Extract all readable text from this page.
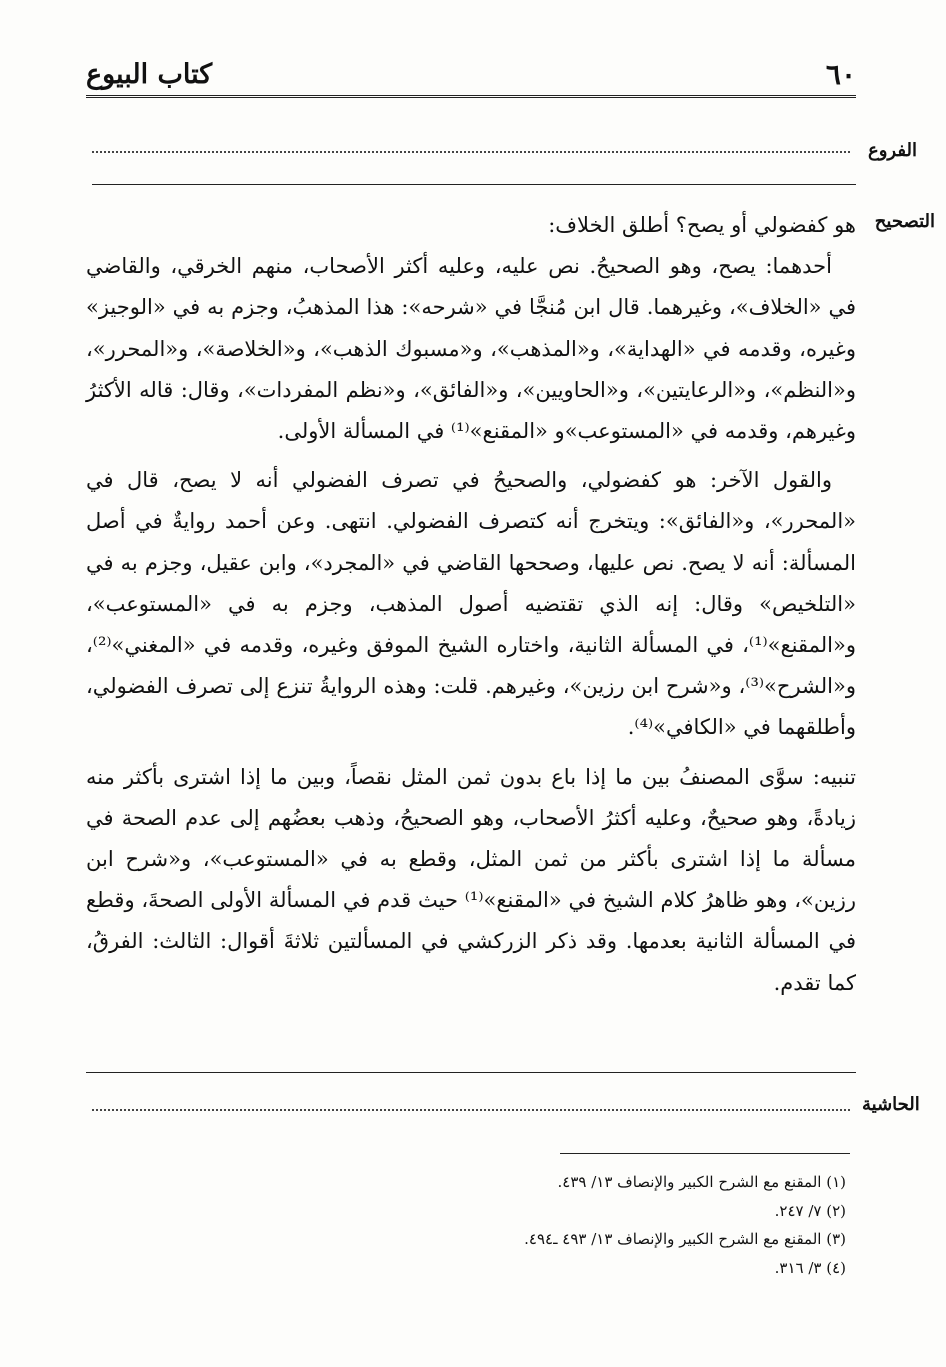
٦٠
كتاب البيوع
الفروع
التصحيح

هو كفضولي أو يصح؟ أطلق الخلاف:

أحدهما: يصح، وهو الصحيحُ. نص عليه، وعليه أكثر الأصحاب، منهم الخرقي، والقاضي في «الخلاف»، وغيرهما. قال ابن مُنجَّا في «شرحه»: هذا المذهبُ، وجزم به في «الوجيز» وغيره، وقدمه في «الهداية»، و«المذهب»، و«مسبوك الذهب»، و«الخلاصة»، و«المحرر»، و«النظم»، و«الرعايتين»، و«الحاويين»، و«الفائق»، و«نظم المفردات»، وقال: قاله الأكثرُ وغيرهم، وقدمه في «المستوعب»و «المقنع»⁽¹⁾ في المسألة الأولى.

والقول الآخر: هو كفضولي، والصحيحُ في تصرف الفضولي أنه لا يصح، قال في «المحرر»، و«الفائق»: ويتخرج أنه كتصرف الفضولي. انتهى. وعن أحمد روايةٌ في أصل المسألة: أنه لا يصح. نص عليها، وصححها القاضي في «المجرد»، وابن عقيل، وجزم به في «التلخيص» وقال: إنه الذي تقتضيه أصول المذهب، وجزم به في «المستوعب»، و«المقنع»⁽¹⁾، في المسألة الثانية، واختاره الشيخ الموفق وغيره، وقدمه في «المغني»⁽²⁾، و«الشرح»⁽³⁾، و«شرح ابن رزين»، وغيرهم. قلت: وهذه الروايةُ تنزع إلى تصرف الفضولي، وأطلقهما في «الكافي»⁽⁴⁾.

تنبيه: سوَّى المصنفُ بين ما إذا باع بدون ثمن المثل نقصاً، وبين ما إذا اشترى بأكثر منه زيادةً، وهو صحيحٌ، وعليه أكثرُ الأصحاب، وهو الصحيحُ، وذهب بعضُهم إلى عدم الصحة في مسألة ما إذا اشترى بأكثر من ثمن المثل، وقطع به في «المستوعب»، و«شرح ابن رزين»، وهو ظاهرُ كلام الشيخ في «المقنع»⁽¹⁾ حيث قدم في المسألة الأولى الصحةَ، وقطع في المسألة الثانية بعدمها. وقد ذكر الزركشي في المسألتين ثلاثةَ أقوال: الثالث: الفرقُ، كما تقدم.

الحاشية
(١) المقنع مع الشرح الكبير والإنصاف ١٣/ ٤٣٩.
(٢) ٧/ ٢٤٧.
(٣) المقنع مع الشرح الكبير والإنصاف ١٣/ ٤٩٣ ـ٤٩٤.
(٤) ٣/ ٣١٦.
